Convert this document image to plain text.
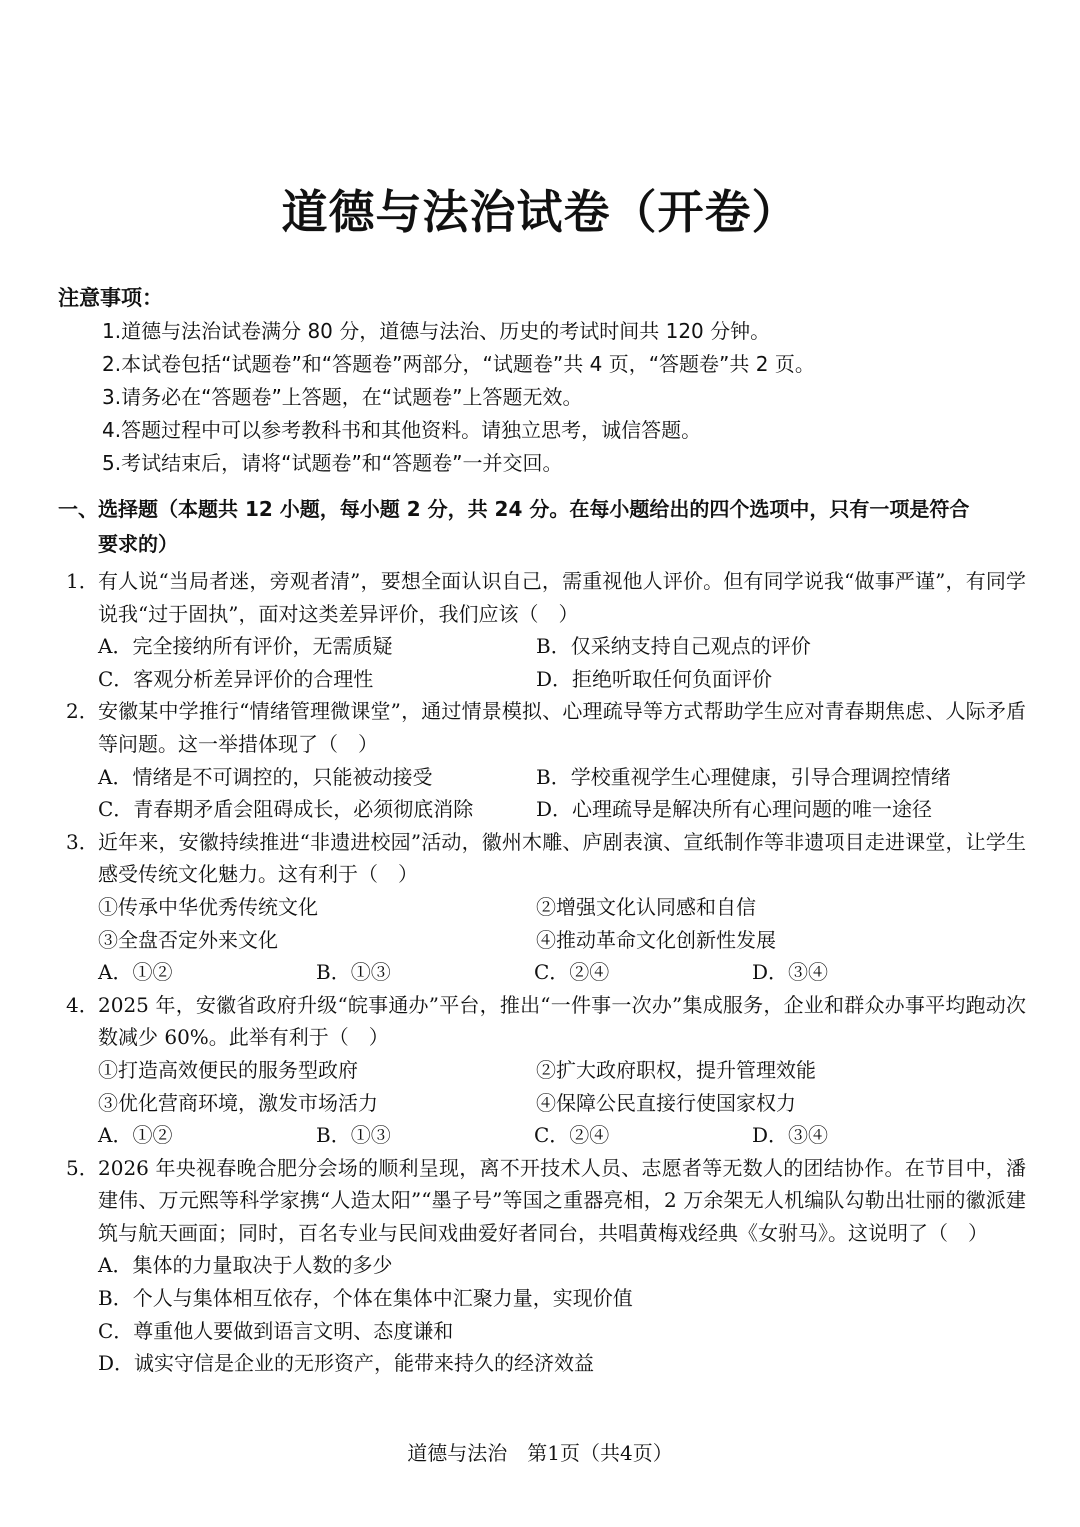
道德与法治试卷（开卷）
注意事项：
1.道德与法治试卷满分 80 分，道德与法治、历史的考试时间共 120 分钟。
2.本试卷包括“试题卷”和“答题卷”两部分，“试题卷”共 4 页，“答题卷”共 2 页。
3.请务必在“答题卷”上答题，在“试题卷”上答题无效。
4.答题过程中可以参考教科书和其他资料。请独立思考，诚信答题。
5.考试结束后，请将“试题卷”和“答题卷”一并交回。
一、选择题（本题共 12 小题，每小题 2 分，共 24 分。在每小题给出的四个选项中，只有一项是符合
要求的）
1． 有人说“当局者迷，旁观者清”，要想全面认识自己，需重视他人评价。但有同学说我“做事严谨”，有同学说我“过于固执”，面对这类差异评价，我们应该（　）
A．完全接纳所有评价，无需质疑	B．仅采纳支持自己观点的评价
C．客观分析差异评价的合理性	D．拒绝听取任何负面评价
2． 安徽某中学推行“情绪管理微课堂”，通过情景模拟、心理疏导等方式帮助学生应对青春期焦虑、人际矛盾等问题。这一举措体现了（　）
A．情绪是不可调控的，只能被动接受	B．学校重视学生心理健康，引导合理调控情绪
C．青春期矛盾会阻碍成长，必须彻底消除	D．心理疏导是解决所有心理问题的唯一途径
3． 近年来，安徽持续推进“非遗进校园”活动，徽州木雕、庐剧表演、宣纸制作等非遗项目走进课堂，让学生感受传统文化魅力。这有利于（　）
①传承中华优秀传统文化	②增强文化认同感和自信
③全盘否定外来文化	④推动革命文化创新性发展
A．①②	B．①③	C．②④	D．③④
4． 2025 年，安徽省政府升级“皖事通办”平台，推出“一件事一次办”集成服务，企业和群众办事平均跑动次数减少 60%。此举有利于（　）
①打造高效便民的服务型政府	②扩大政府职权，提升管理效能
③优化营商环境，激发市场活力	④保障公民直接行使国家权力
A．①②	B．①③	C．②④	D．③④
5． 2026 年央视春晚合肥分会场的顺利呈现，离不开技术人员、志愿者等无数人的团结协作。在节目中，潘建伟、万元熙等科学家携“人造太阳”“墨子号”等国之重器亮相，2 万余架无人机编队勾勒出壮丽的徽派建筑与航天画面；同时，百名专业与民间戏曲爱好者同台，共唱黄梅戏经典《女驸马》。这说明了（　）
A．集体的力量取决于人数的多少
B．个人与集体相互依存，个体在集体中汇聚力量，实现价值
C．尊重他人要做到语言文明、态度谦和
D．诚实守信是企业的无形资产，能带来持久的经济效益
道德与法治　第1页（共4页）
